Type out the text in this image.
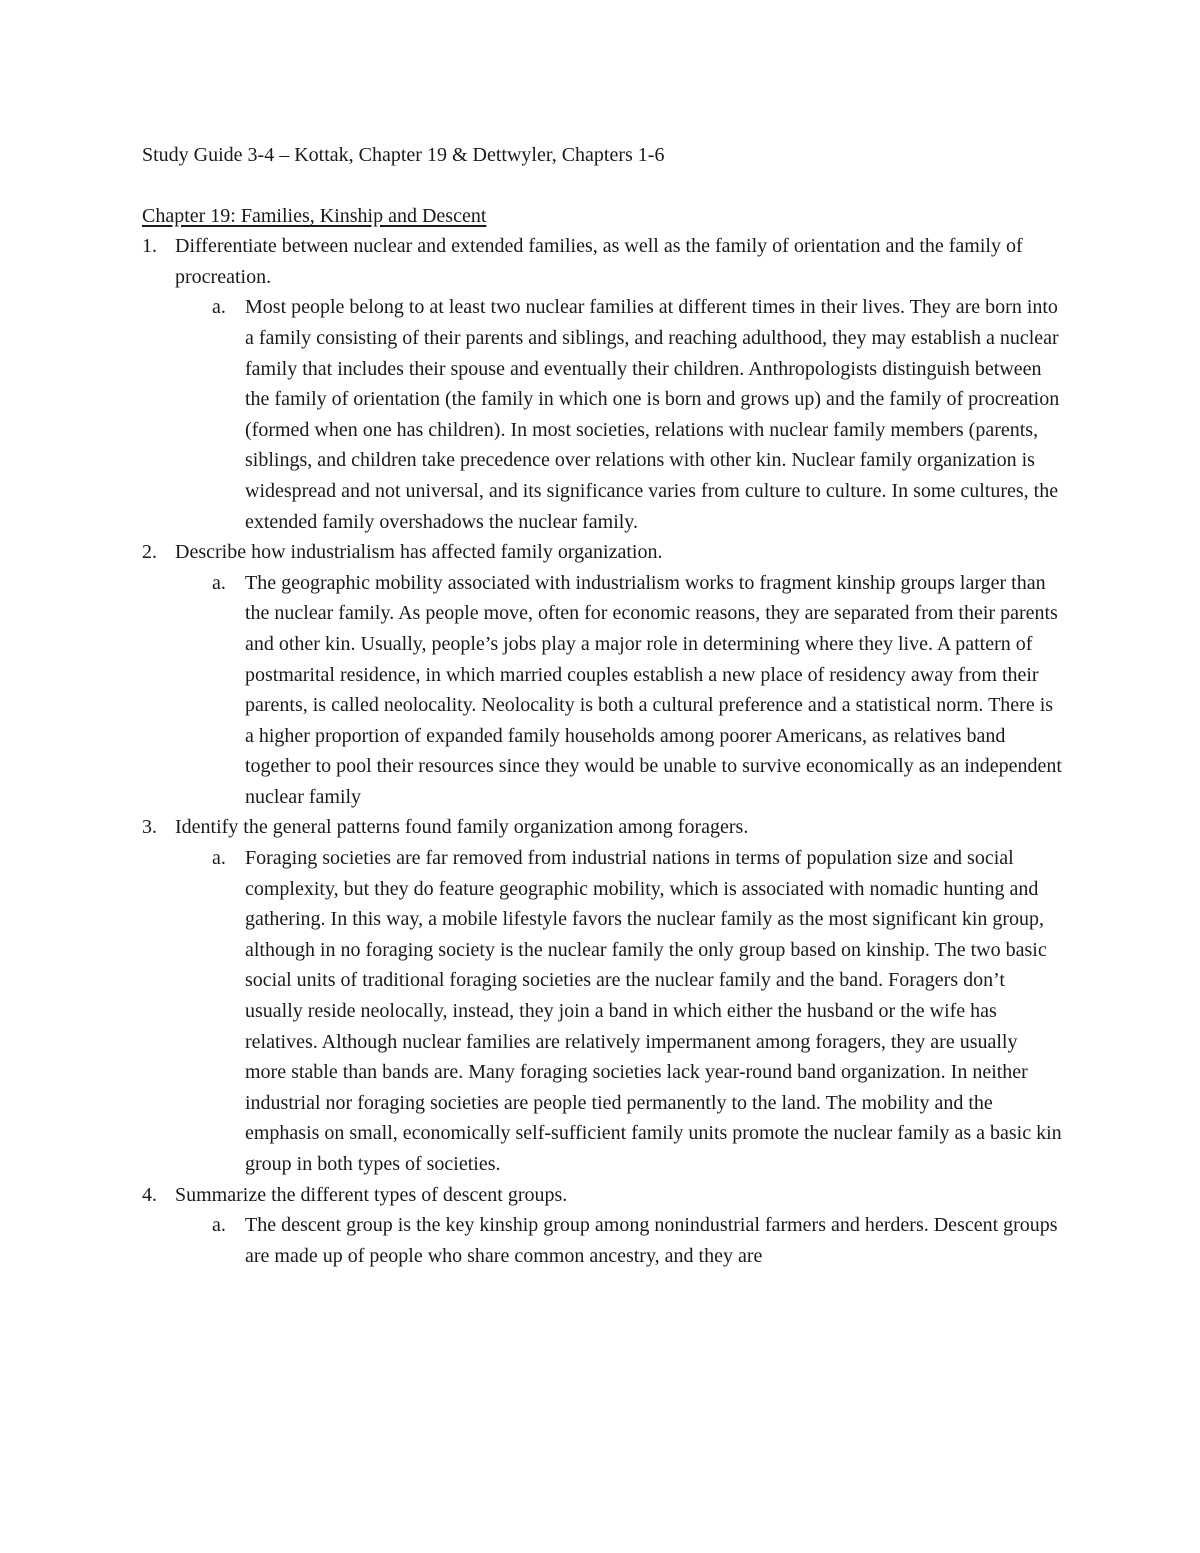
Study Guide 3-4 – Kottak, Chapter 19 & Dettwyler, Chapters 1-6
Chapter 19: Families, Kinship and Descent
1. Differentiate between nuclear and extended families, as well as the family of orientation and the family of procreation.
a. Most people belong to at least two nuclear families at different times in their lives. They are born into a family consisting of their parents and siblings, and reaching adulthood, they may establish a nuclear family that includes their spouse and eventually their children. Anthropologists distinguish between the family of orientation (the family in which one is born and grows up) and the family of procreation (formed when one has children). In most societies, relations with nuclear family members (parents, siblings, and children take precedence over relations with other kin. Nuclear family organization is widespread and not universal, and its significance varies from culture to culture. In some cultures, the extended family overshadows the nuclear family.
2. Describe how industrialism has affected family organization.
a. The geographic mobility associated with industrialism works to fragment kinship groups larger than the nuclear family. As people move, often for economic reasons, they are separated from their parents and other kin. Usually, people’s jobs play a major role in determining where they live. A pattern of postmarital residence, in which married couples establish a new place of residency away from their parents, is called neolocality. Neolocality is both a cultural preference and a statistical norm. There is a higher proportion of expanded family households among poorer Americans, as relatives band together to pool their resources since they would be unable to survive economically as an independent nuclear family
3. Identify the general patterns found family organization among foragers.
a. Foraging societies are far removed from industrial nations in terms of population size and social complexity, but they do feature geographic mobility, which is associated with nomadic hunting and gathering. In this way, a mobile lifestyle favors the nuclear family as the most significant kin group, although in no foraging society is the nuclear family the only group based on kinship. The two basic social units of traditional foraging societies are the nuclear family and the band. Foragers don’t usually reside neolocally, instead, they join a band in which either the husband or the wife has relatives. Although nuclear families are relatively impermanent among foragers, they are usually more stable than bands are. Many foraging societies lack year-round band organization. In neither industrial nor foraging societies are people tied permanently to the land. The mobility and the emphasis on small, economically self-sufficient family units promote the nuclear family as a basic kin group in both types of societies.
4. Summarize the different types of descent groups.
a. The descent group is the key kinship group among nonindustrial farmers and herders. Descent groups are made up of people who share common ancestry, and they are
